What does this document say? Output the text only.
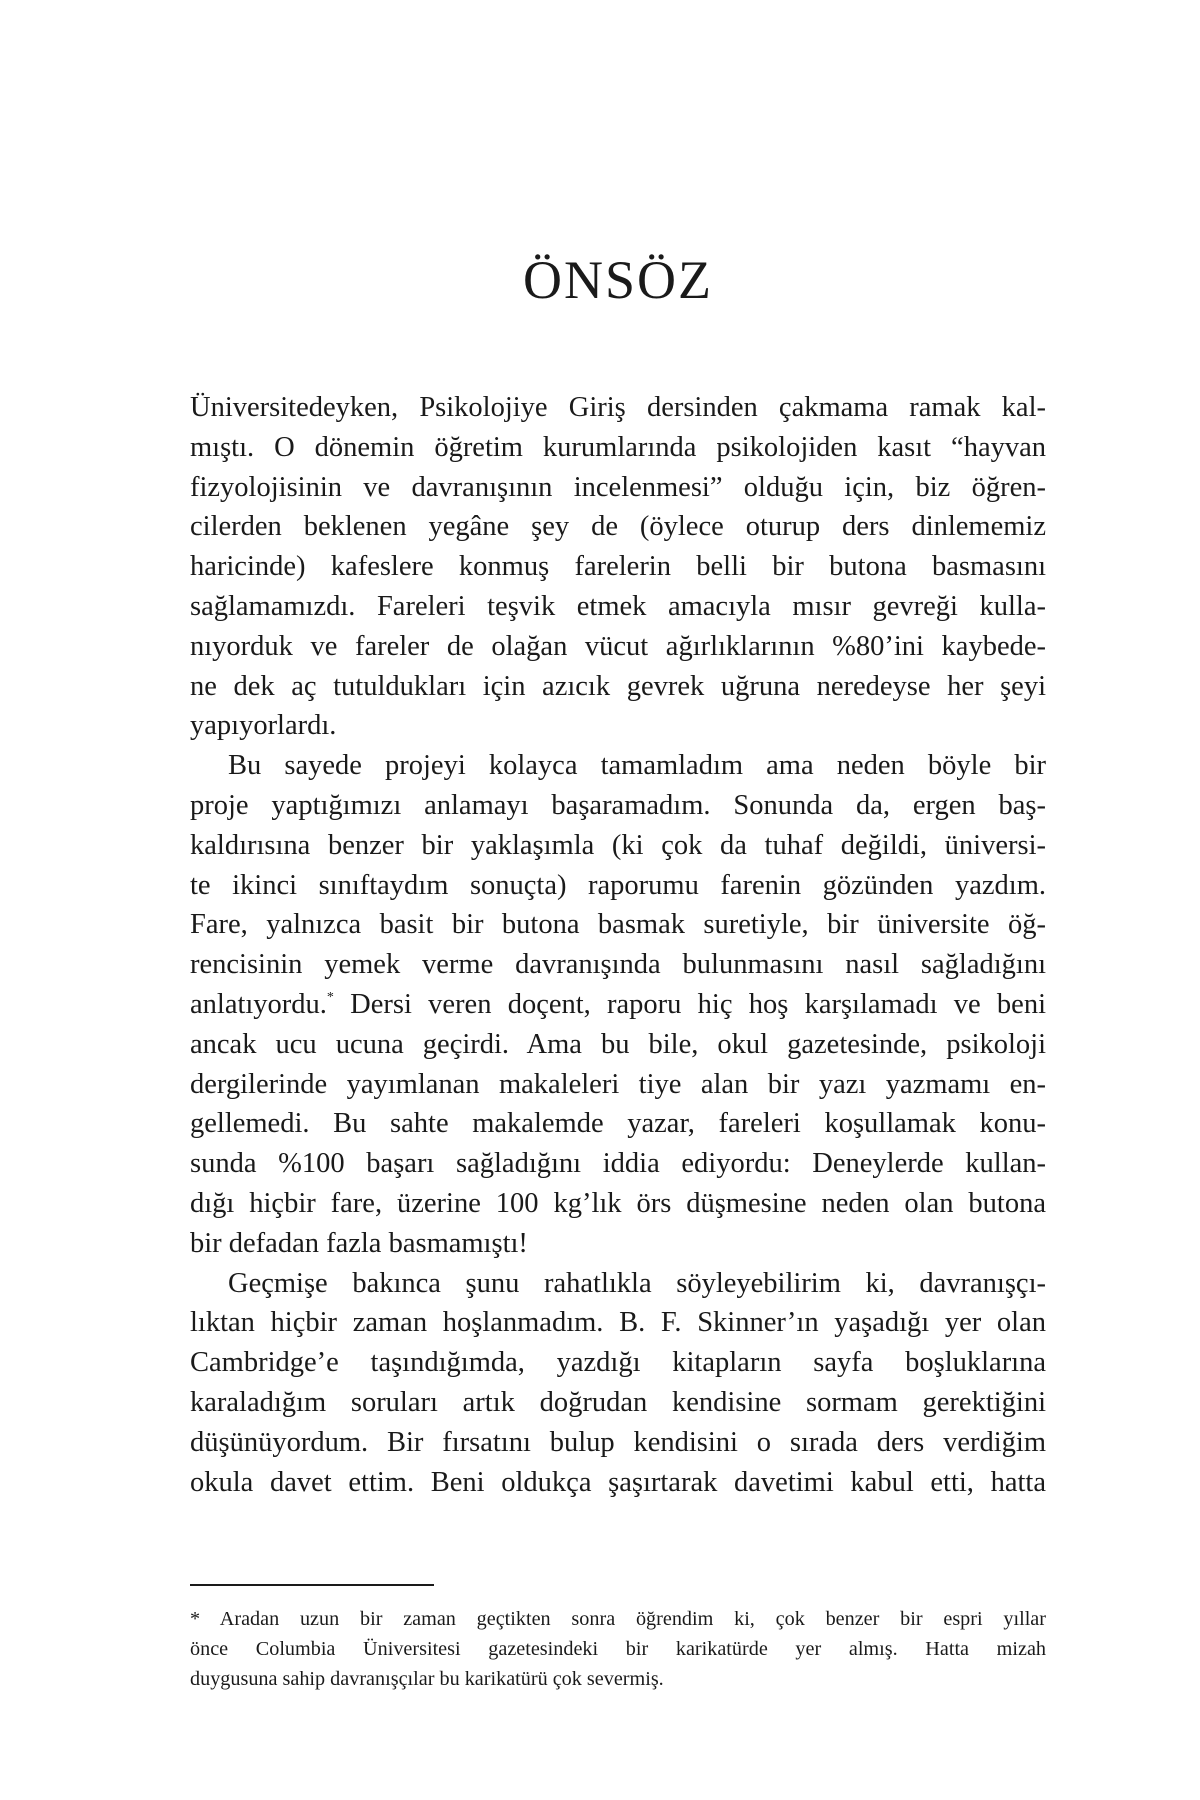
ÖNSÖZ

Üniversitedeyken, Psikolojiye Giriş dersinden çakmama ramak kal-
mıştı. O dönemin öğretim kurumlarında psikolojiden kasıt “hayvan
fizyolojisinin ve davranışının incelenmesi” olduğu için, biz öğren-
cilerden beklenen yegâne şey de (öylece oturup ders dinlememiz
haricinde) kafeslere konmuş farelerin belli bir butona basmasını
sağlamamızdı. Fareleri teşvik etmek amacıyla mısır gevreği kulla-
nıyorduk ve fareler de olağan vücut ağırlıklarının %80’ini kaybede-
ne dek aç tutuldukları için azıcık gevrek uğruna neredeyse her şeyi
yapıyorlardı.

Bu sayede projeyi kolayca tamamladım ama neden böyle bir
proje yaptığımızı anlamayı başaramadım. Sonunda da, ergen baş-
kaldırısına benzer bir yaklaşımla (ki çok da tuhaf değildi, üniversi-
te ikinci sınıftaydım sonuçta) raporumu farenin gözünden yazdım.
Fare, yalnızca basit bir butona basmak suretiyle, bir üniversite öğ-
rencisinin yemek verme davranışında bulunmasını nasıl sağladığını
anlatıyordu.* Dersi veren doçent, raporu hiç hoş karşılamadı ve beni
ancak ucu ucuna geçirdi. Ama bu bile, okul gazetesinde, psikoloji
dergilerinde yayımlanan makaleleri tiye alan bir yazı yazmamı en-
gellemedi. Bu sahte makalemde yazar, fareleri koşullamak konu-
sunda %100 başarı sağladığını iddia ediyordu: Deneylerde kullan-
dığı hiçbir fare, üzerine 100 kg’lık örs düşmesine neden olan butona
bir defadan fazla basmamıştı!

Geçmişe bakınca şunu rahatlıkla söyleyebilirim ki, davranışçı-
lıktan hiçbir zaman hoşlanmadım. B. F. Skinner’ın yaşadığı yer olan
Cambridge’e taşındığımda, yazdığı kitapların sayfa boşluklarına
karaladığım soruları artık doğrudan kendisine sormam gerektiğini
düşünüyordum. Bir fırsatını bulup kendisini o sırada ders verdiğim
okula davet ettim. Beni oldukça şaşırtarak davetimi kabul etti, hatta

* Aradan uzun bir zaman geçtikten sonra öğrendim ki, çok benzer bir espri yıllar
önce Columbia Üniversitesi gazetesindeki bir karikatürde yer almış. Hatta mizah
duygusuna sahip davranışçılar bu karikatürü çok severmiş.
